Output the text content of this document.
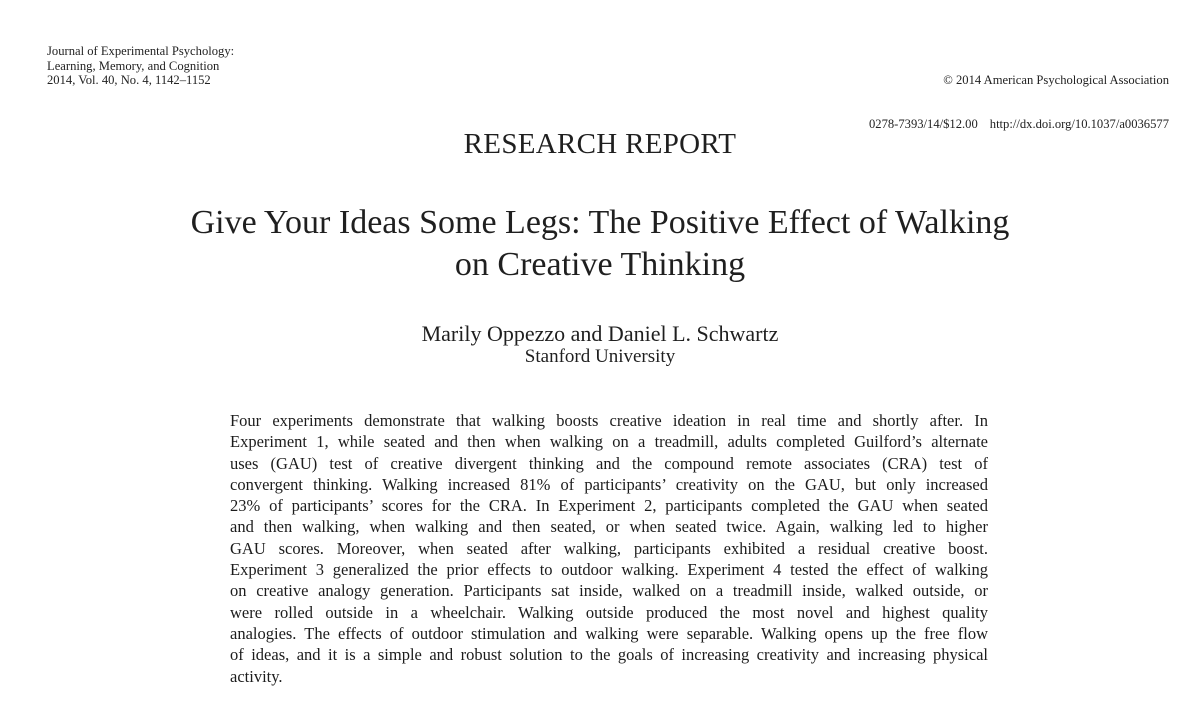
Journal of Experimental Psychology:
Learning, Memory, and Cognition
2014, Vol. 40, No. 4, 1142–1152

	© 2014 American Psychological Association

0278-7393/14/$12.00 http://dx.doi.org/10.1037/a0036577

RESEARCH REPORT
Give Your Ideas Some Legs: The Positive Effect of Walking
on Creative Thinking
Marily Oppezzo and Daniel L. Schwartz
Stanford University
Four experiments demonstrate that walking boosts creative ideation in real time and shortly after. In
Experiment 1, while seated and then when walking on a treadmill, adults completed Guilford’s alternate
uses (GAU) test of creative divergent thinking and the compound remote associates (CRA) test of
convergent thinking. Walking increased 81% of participants’ creativity on the GAU, but only increased
23% of participants’ scores for the CRA. In Experiment 2, participants completed the GAU when seated
and then walking, when walking and then seated, or when seated twice. Again, walking led to higher
GAU scores. Moreover, when seated after walking, participants exhibited a residual creative boost.
Experiment 3 generalized the prior effects to outdoor walking. Experiment 4 tested the effect of walking
on creative analogy generation. Participants sat inside, walked on a treadmill inside, walked outside, or
were rolled outside in a wheelchair. Walking outside produced the most novel and highest quality
analogies. The effects of outdoor stimulation and walking were separable. Walking opens up the free flow
of ideas, and it is a simple and robust solution to the goals of increasing creativity and increasing physical
activity.
